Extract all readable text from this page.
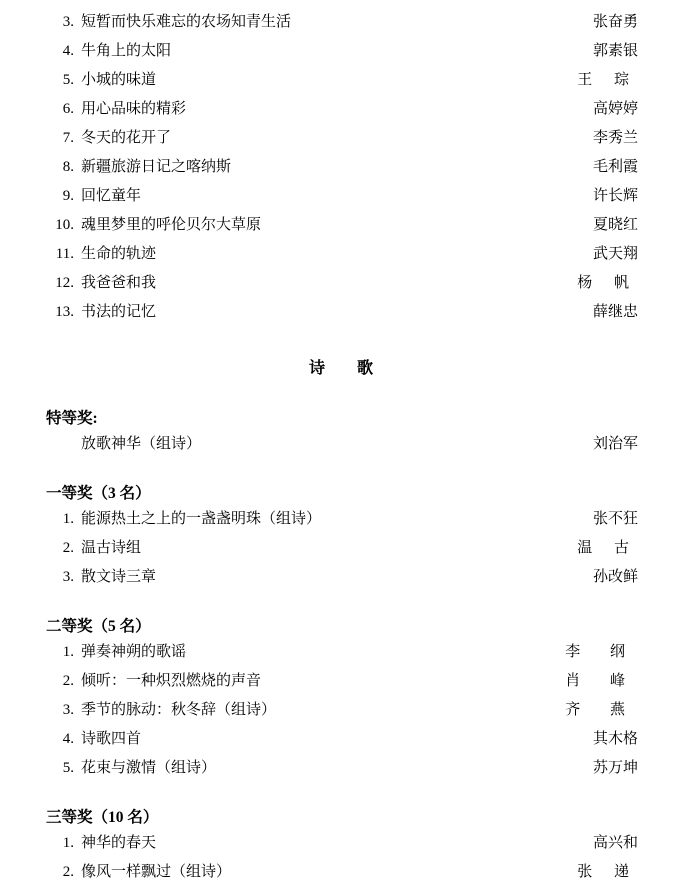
3. 短暂而快乐难忘的农场知青生活	张奋勇
4. 牛角上的太阳	郭素银
5. 小城的味道	王 琮
6. 用心品味的精彩	高婷婷
7. 冬天的花开了	李秀兰
8. 新疆旅游日记之喀纳斯	毛利霞
9. 回忆童年	许长辉
10. 魂里梦里的呼伦贝尔大草原	夏晓红
11. 生命的轨迹	武天翔
12. 我爸爸和我	杨 帆
13. 书法的记忆	薛继忠
诗 歌
特等奖:
放歌神华（组诗）	刘治军
一等奖（3 名）
1. 能源热土之上的一盏盏明珠（组诗）	张不狂
2. 温古诗组	温 古
3. 散文诗三章	孙改鲜
二等奖（5 名）
1. 弹奏神朔的歌谣	李 纲
2. 倾听：一种炽烈燃烧的声音	肖 峰
3. 季节的脉动：秋冬辞（组诗）	齐 燕
4. 诗歌四首	其木格
5. 花束与激情（组诗）	苏万坤
三等奖（10 名）
1. 神华的春天	高兴和
2. 像风一样飘过（组诗）	张 递
